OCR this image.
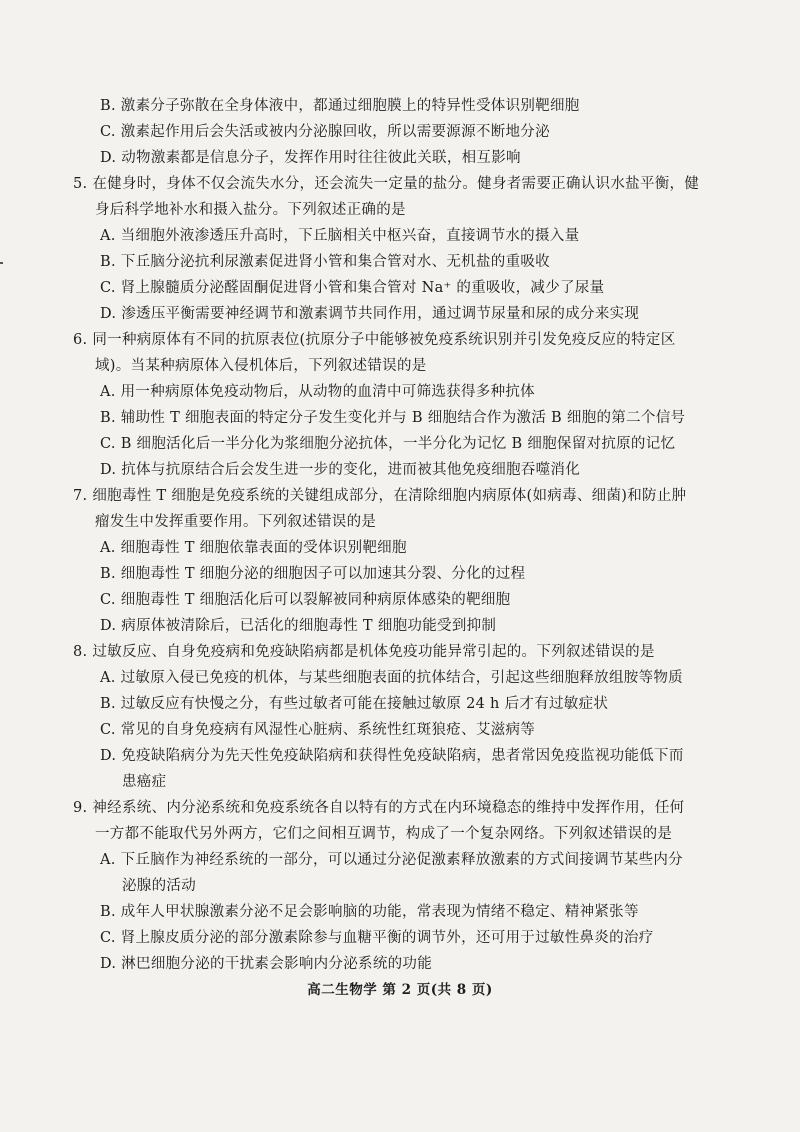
B. 激素分子弥散在全身体液中，都通过细胞膜上的特异性受体识别靶细胞
C. 激素起作用后会失活或被内分泌腺回收，所以需要源源不断地分泌
D. 动物激素都是信息分子，发挥作用时往往彼此关联，相互影响
5. 在健身时，身体不仅会流失水分，还会流失一定量的盐分。健身者需要正确认识水盐平衡，健
身后科学地补水和摄入盐分。下列叙述正确的是
A. 当细胞外液渗透压升高时，下丘脑相关中枢兴奋，直接调节水的摄入量
B. 下丘脑分泌抗利尿激素促进肾小管和集合管对水、无机盐的重吸收
C. 肾上腺髓质分泌醛固酮促进肾小管和集合管对 Na⁺ 的重吸收，减少了尿量
D. 渗透压平衡需要神经调节和激素调节共同作用，通过调节尿量和尿的成分来实现
6. 同一种病原体有不同的抗原表位(抗原分子中能够被免疫系统识别并引发免疫反应的特定区
域)。当某种病原体入侵机体后，下列叙述错误的是
A. 用一种病原体免疫动物后，从动物的血清中可筛选获得多种抗体
B. 辅助性 T 细胞表面的特定分子发生变化并与 B 细胞结合作为激活 B 细胞的第二个信号
C. B 细胞活化后一半分化为浆细胞分泌抗体，一半分化为记忆 B 细胞保留对抗原的记忆
D. 抗体与抗原结合后会发生进一步的变化，进而被其他免疫细胞吞噬消化
7. 细胞毒性 T 细胞是免疫系统的关键组成部分，在清除细胞内病原体(如病毒、细菌)和防止肿
瘤发生中发挥重要作用。下列叙述错误的是
A. 细胞毒性 T 细胞依靠表面的受体识别靶细胞
B. 细胞毒性 T 细胞分泌的细胞因子可以加速其分裂、分化的过程
C. 细胞毒性 T 细胞活化后可以裂解被同种病原体感染的靶细胞
D. 病原体被清除后，已活化的细胞毒性 T 细胞功能受到抑制
8. 过敏反应、自身免疫病和免疫缺陷病都是机体免疫功能异常引起的。下列叙述错误的是
A. 过敏原入侵已免疫的机体，与某些细胞表面的抗体结合，引起这些细胞释放组胺等物质
B. 过敏反应有快慢之分，有些过敏者可能在接触过敏原 24 h 后才有过敏症状
C. 常见的自身免疫病有风湿性心脏病、系统性红斑狼疮、艾滋病等
D. 免疫缺陷病分为先天性免疫缺陷病和获得性免疫缺陷病，患者常因免疫监视功能低下而
患癌症
9. 神经系统、内分泌系统和免疫系统各自以特有的方式在内环境稳态的维持中发挥作用，任何
一方都不能取代另外两方，它们之间相互调节，构成了一个复杂网络。下列叙述错误的是
A. 下丘脑作为神经系统的一部分，可以通过分泌促激素释放激素的方式间接调节某些内分
泌腺的活动
B. 成年人甲状腺激素分泌不足会影响脑的功能，常表现为情绪不稳定、精神紧张等
C. 肾上腺皮质分泌的部分激素除参与血糖平衡的调节外，还可用于过敏性鼻炎的治疗
D. 淋巴细胞分泌的干扰素会影响内分泌系统的功能
高二生物学 第 2 页(共 8 页)
